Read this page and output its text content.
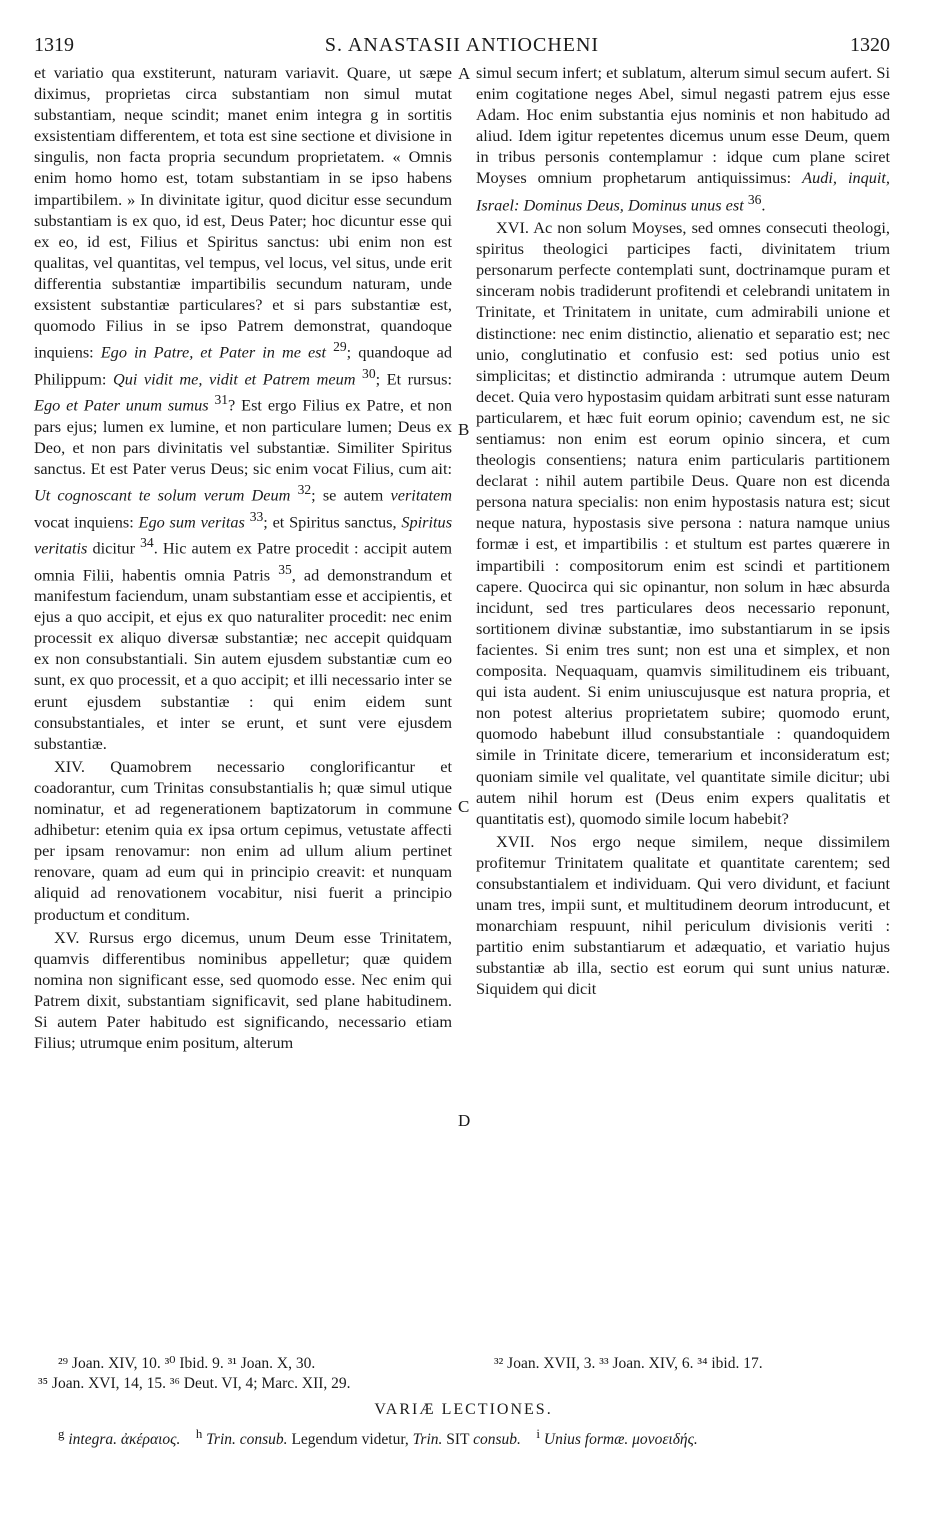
1319	S. ANASTASII ANTIOCHENI	1320
A
B
C
D

et variatio qua exstiterunt, naturam variavit. Quare, ut sæpe diximus, proprietas circa substantiam non simul mutat substantiam, neque scindit; manet enim integra g in sortitis exsistentiam differentem, et tota est sine sectione et divisione in singulis, non facta propria secundum proprietatem. « Omnis enim homo homo est, totam substantiam in se ipso habens impartibilem. » In divinitate igitur, quod dicitur esse secundum substantiam is ex quo, id est, Deus Pater; hoc dicuntur esse qui ex eo, id est, Filius et Spiritus sanctus: ubi enim non est qualitas, vel quantitas, vel tempus, vel locus, vel situs, unde erit differentia substantiæ impartibilis secundum naturam, unde exsistent substantiæ particulares? et si pars substantiæ est, quomodo Filius in se ipso Patrem demonstrat, quandoque inquiens: Ego in Patre, et Pater in me est $^{29}$; quandoque ad Philippum: Qui vidit me, vidit et Patrem meum $^{30}$; Et rursus: Ego et Pater unum sumus $^{31}$? Est ergo Filius ex Patre, et non pars ejus; lumen ex lumine, et non particulare lumen; Deus ex Deo, et non pars divinitatis vel substantiæ. Similiter Spiritus sanctus. Et est Pater verus Deus; sic enim vocat Filius, cum ait: Ut cognoscant te solum verum Deum $^{32}$; se autem veritatem vocat inquiens: Ego sum veritas $^{33}$; et Spiritus sanctus, Spiritus veritatis dicitur $^{34}$. Hic autem ex Patre procedit : accipit autem omnia Filii, habentis omnia Patris $^{35}$, ad demonstrandum et manifestum faciendum, unam substantiam esse et accipientis, et ejus a quo accipit, et ejus ex quo naturaliter procedit: nec enim processit ex aliquo diversæ substantiæ; nec accepit quidquam ex non consubstantiali. Sin autem ejusdem substantiæ cum eo sunt, ex quo processit, et a quo accipit; et illi necessario inter se erunt ejusdem substantiæ : qui enim eidem sunt consubstantiales, et inter se erunt, et sunt vere ejusdem substantiæ.

XIV. Quamobrem necessario conglorificantur et coadorantur, cum Trinitas consubstantialis h; quæ simul utique nominatur, et ad regenerationem baptizatorum in commune adhibetur: etenim quia ex ipsa ortum cepimus, vetustate affecti per ipsam renovamur: non enim ad ullum alium pertinet renovare, quam ad eum qui in principio creavit: et nunquam aliquid ad renovationem vocabitur, nisi fuerit a principio productum et conditum.

XV. Rursus ergo dicemus, unum Deum esse Trinitatem, quamvis differentibus nominibus appelletur; quæ quidem nomina non significant esse, sed quomodo esse. Nec enim qui Patrem dixit, substantiam significavit, sed plane habitudinem. Si autem Pater habitudo est significando, necessario etiam Filius; utrumque enim positum, alterum

simul secum infert; et sublatum, alterum simul secum aufert. Si enim cogitatione neges Abel, simul negasti patrem ejus esse Adam. Hoc enim substantia ejus nominis et non habitudo ad aliud. Idem igitur repetentes dicemus unum esse Deum, quem in tribus personis contemplamur : idque cum plane sciret Moyses omnium prophetarum antiquissimus: Audi, inquit, Israel: Dominus Deus, Dominus unus est $^{36}$.

XVI. Ac non solum Moyses, sed omnes consecuti theologi, spiritus theologici participes facti, divinitatem trium personarum perfecte contemplati sunt, doctrinamque puram et sinceram nobis tradiderunt profitendi et celebrandi unitatem in Trinitate, et Trinitatem in unitate, cum admirabili unione et distinctione: nec enim distinctio, alienatio et separatio est; nec unio, conglutinatio et confusio est: sed potius unio est simplicitas; et distinctio admiranda : utrumque autem Deum decet. Quia vero hypostasim quidam arbitrati sunt esse naturam particularem, et hæc fuit eorum opinio; cavendum est, ne sic sentiamus: non enim est eorum opinio sincera, et cum theologis consentiens; natura enim particularis partitionem declarat : nihil autem partibile Deus. Quare non est dicenda persona natura specialis: non enim hypostasis natura est; sicut neque natura, hypostasis sive persona : natura namque unius formæ i est, et impartibilis : et stultum est partes quærere in impartibili : compositorum enim est scindi et partitionem capere. Quocirca qui sic opinantur, non solum in hæc absurda incidunt, sed tres particulares deos necessario reponunt, sortitionem divinæ substantiæ, imo substantiarum in se ipsis facientes. Si enim tres sunt; non est una et simplex, et non composita. Nequaquam, quamvis similitudinem eis tribuant, qui ista audent. Si enim uniuscujusque est natura propria, et non potest alterius proprietatem subire; quomodo erunt, quomodo habebunt illud consubstantiale : quandoquidem simile in Trinitate dicere, temerarium et inconsideratum est; quoniam simile vel qualitate, vel quantitate simile dicitur; ubi autem nihil horum est (Deus enim expers qualitatis et quantitatis est), quomodo simile locum habebit?

XVII. Nos ergo neque similem, neque dissimilem profitemur Trinitatem qualitate et quantitate carentem; sed consubstantialem et individuam. Qui vero dividunt, et faciunt unam tres, impii sunt, et multitudinem deorum introducunt, et monarchiam respuunt, nihil periculum divisionis veriti : partitio enim substantiarum et adæquatio, et variatio hujus substantiæ ab illa, sectio est eorum qui sunt unius naturæ. Siquidem qui dicit

²⁹ Joan. XIV, 10. ³⁰ Ibid. 9. ³¹ Joan. X, 30.
³⁵ Joan. XVI, 14, 15. ³⁶ Deut. VI, 4; Marc. XII, 29.
³² Joan. XVII, 3. ³³ Joan. XIV, 6. ³⁴ ibid. 17.
VARIÆ LECTIONES.
$^g$ integra. ἀκέραιος. $^h$ Trin. consub. Legendum videtur, Trin. SIT consub. $^i$ Unius formæ. μονοειδής.
